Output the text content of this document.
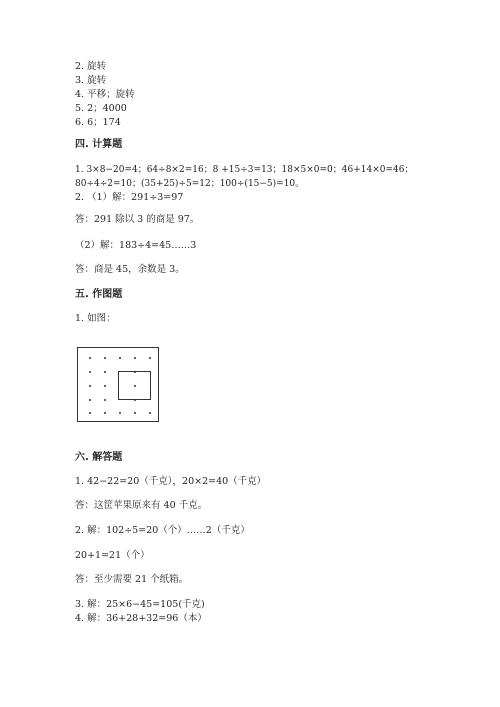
2. 旋转
3. 旋转
4. 平移；旋转
5. 2；4000
6. 6；174
四. 计算题
1. 3×8−20=4；64÷8×2=16；8 +15÷3=13；18×5×0=0；46+14×0=46；
80÷4÷2=10；(35+25)÷5=12；100÷(15−5)=10。
2. （1）解：291÷3=97
答：291 除以 3 的商是 97。
（2）解：183÷4=45……3
答：商是 45，余数是 3。
五. 作图题
1. 如图：
六. 解答题
1. 42−22=20（千克），20×2=40（千克）
答：这筐苹果原来有 40 千克。
2. 解：102÷5=20（个）……2（千克）
20+1=21（个）
答：至少需要 21 个纸箱。
3. 解：25×6−45=105(千克)
4. 解：36+28+32=96（本）
